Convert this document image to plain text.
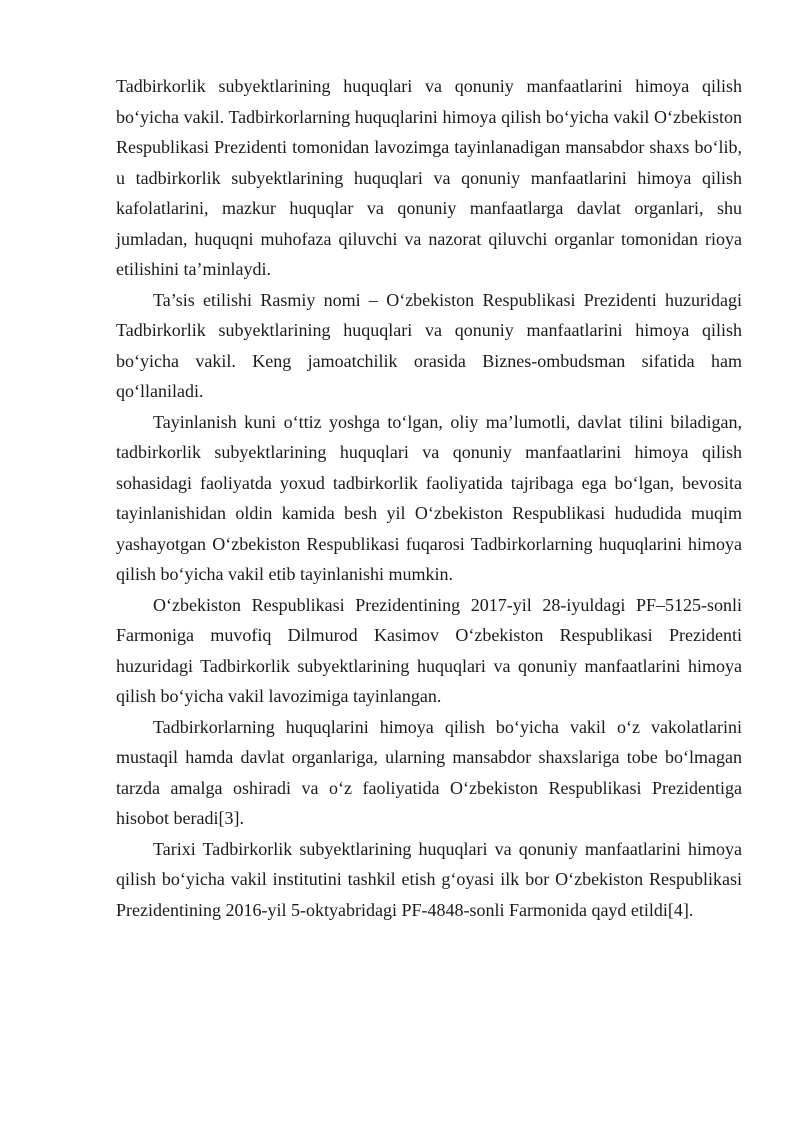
Tadbirkorlik subyektlarining huquqlari va qonuniy manfaatlarini himoya qilish bo‘yicha vakil. Tadbirkorlarning huquqlarini himoya qilish bo‘yicha vakil O‘zbekiston Respublikasi Prezidenti tomonidan lavozimga tayinlanadigan mansabdor shaxs bo‘lib, u tadbirkorlik subyektlarining huquqlari va qonuniy manfaatlarini himoya qilish kafolatlarini, mazkur huquqlar va qonuniy manfaatlarga davlat organlari, shu jumladan, huquqni muhofaza qiluvchi va nazorat qiluvchi organlar tomonidan rioya etilishini ta’minlaydi.

Ta’sis etilishi Rasmiy nomi – O‘zbekiston Respublikasi Prezidenti huzuridagi Tadbirkorlik subyektlarining huquqlari va qonuniy manfaatlarini himoya qilish bo‘yicha vakil. Keng jamoatchilik orasida Biznes-ombudsman sifatida ham qo‘llaniladi.

Tayinlanish kuni o‘ttiz yoshga to‘lgan, oliy ma’lumotli, davlat tilini biladigan, tadbirkorlik subyektlarining huquqlari va qonuniy manfaatlarini himoya qilish sohasidagi faoliyatda yoxud tadbirkorlik faoliyatida tajribaga ega bo‘lgan, bevosita tayinlanishidan oldin kamida besh yil O‘zbekiston Respublikasi hududida muqim yashayotgan O‘zbekiston Respublikasi fuqarosi Tadbirkorlarning huquqlarini himoya qilish bo‘yicha vakil etib tayinlanishi mumkin.

O‘zbekiston Respublikasi Prezidentining 2017-yil 28-iyuldagi PF–5125-sonli Farmoniga muvofiq Dilmurod Kasimov O‘zbekiston Respublikasi Prezidenti huzuridagi Tadbirkorlik subyektlarining huquqlari va qonuniy manfaatlarini himoya qilish bo‘yicha vakil lavozimiga tayinlangan.

Tadbirkorlarning huquqlarini himoya qilish bo‘yicha vakil o‘z vakolatlarini mustaqil hamda davlat organlariga, ularning mansabdor shaxslariga tobe bo‘lmagan tarzda amalga oshiradi va o‘z faoliyatida O‘zbekiston Respublikasi Prezidentiga hisobot beradi[3].

Tarixi Tadbirkorlik subyektlarining huquqlari va qonuniy manfaatlarini himoya qilish bo‘yicha vakil institutini tashkil etish g‘oyasi ilk bor O‘zbekiston Respublikasi Prezidentining 2016-yil 5-oktyabridagi PF-4848-sonli Farmonida qayd etildi[4].
